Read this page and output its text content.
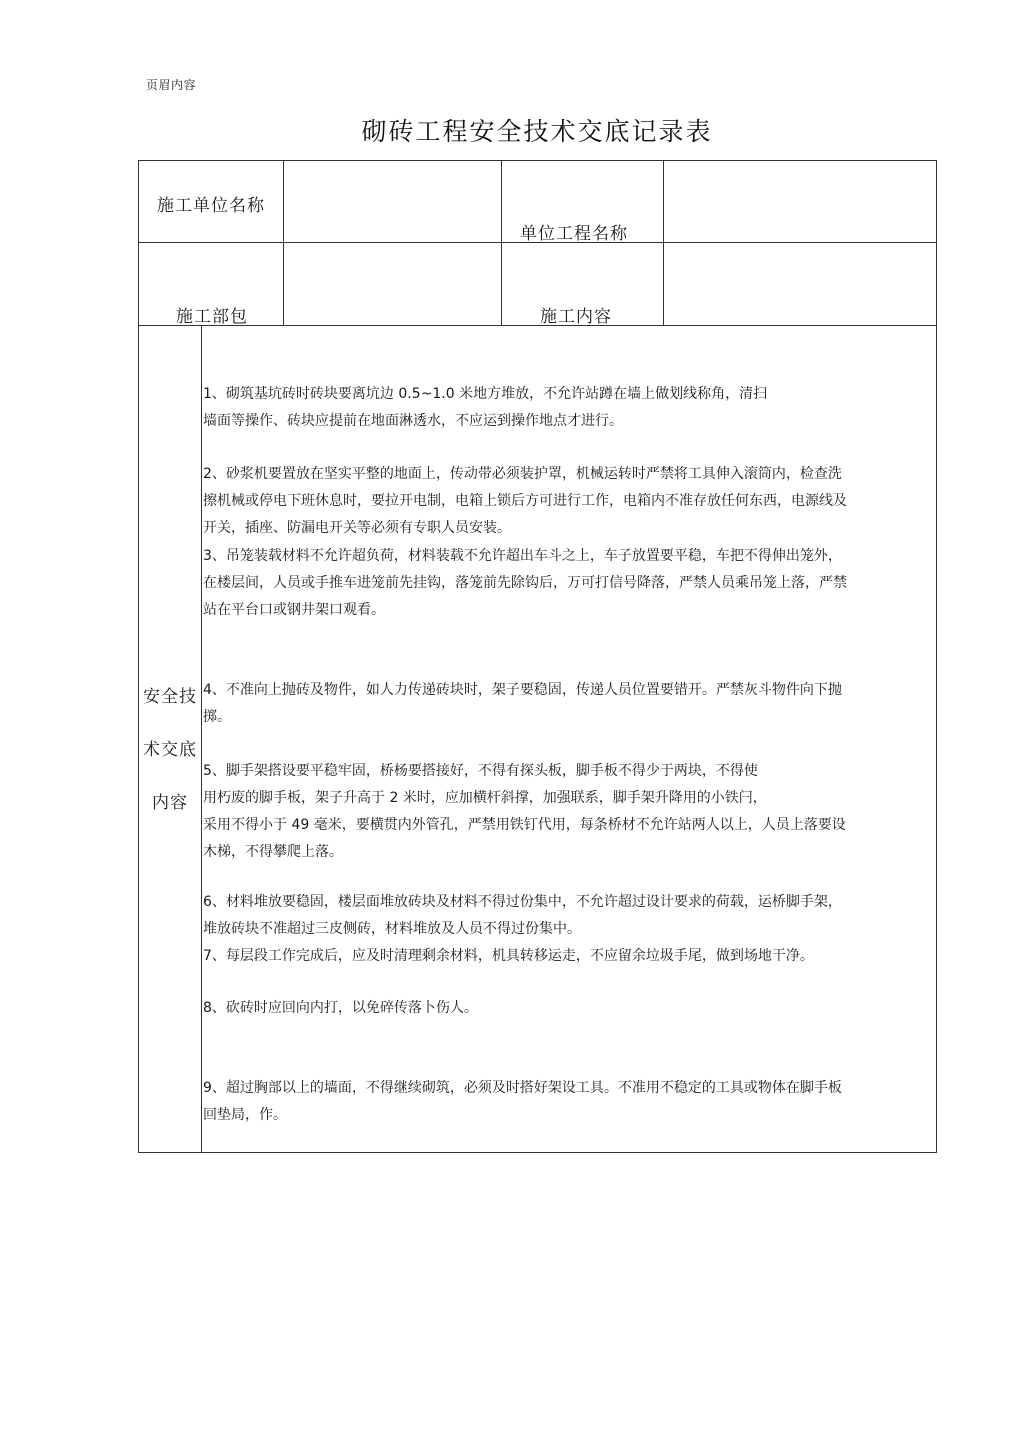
页眉内容
砌砖工程安全技术交底记录表
施工单位名称
单位工程名称
施工部包	施工内容
安全技
术交底
内容
1、砌筑基坑砖时砖块要离坑边 0.5~1.0 米地方堆放，不允许站蹲在墙上做划线称角，清扫
墙面等操作、砖块应提前在地面淋透水，不应运到操作地点才进行。
2、砂浆机要置放在坚实平整的地面上，传动带必须装护罩，机械运转时严禁将工具伸入滚筒内，检查洗
擦机械或停电下班休息时，要拉开电制，电箱上锁后方可进行工作，电箱内不准存放任何东西，电源线及
开关，插座、防漏电开关等必须有专职人员安装。
3、吊笼装载材料不允许超负荷，材料装载不允许超出车斗之上，车子放置要平稳，车把不得伸出笼外，
在楼层间，人员或手推车进笼前先挂钩，落笼前先除钩后，万可打信号降落，严禁人员乘吊笼上落，严禁
站在平台口或钢井架口观看。
4、不准向上抛砖及物件，如人力传递砖块时，架子要稳固，传递人员位置要错开。严禁灰斗物件向下抛
掷。
5、脚手架搭设要平稳牢固，桥杨要搭接好，不得有探头板，脚手板不得少于两块，不得使
用朽废的脚手板，架子升高于 2 米时，应加横杆斜撑，加强联系，脚手架升降用的小铁闩，
采用不得小于 49 毫米，要横贯内外管孔，严禁用铁钉代用，每条桥材不允许站两人以上，人员上落要设
木梯，不得攀爬上落。
6、材料堆放要稳固，楼层面堆放砖块及材料不得过份集中，不允许超过设计要求的荷载，运桥脚手架，
堆放砖块不准超过三皮侧砖，材料堆放及人员不得过份集中。
7、每层段工作完成后，应及时清理剩余材料，机具转移运走，不应留余垃圾手尾，做到场地干净。
8、砍砖时应回向内打，以免碎传落卜伤人。
9、超过胸部以上的墙面，不得继续砌筑，必须及时搭好架设工具。不准用不稳定的工具或物体在脚手板
回垫局，作。
